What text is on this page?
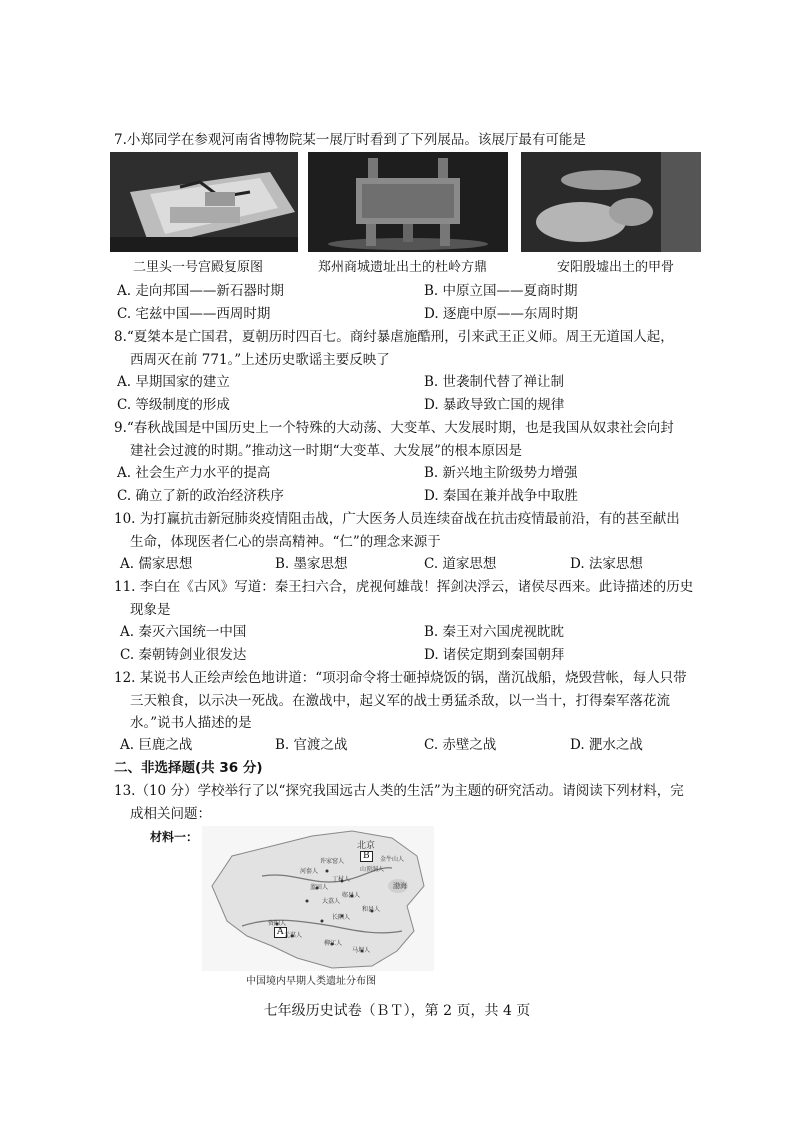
7.小郑同学在参观河南省博物院某一展厅时看到了下列展品。该展厅最有可能是
二里头一号宫殿复原图	郑州商城遗址出土的杜岭方鼎	安阳殷墟出土的甲骨
A. 走向邦国——新石器时期	B. 中原立国——夏商时期
C. 宅兹中国——西周时期	D. 逐鹿中原——东周时期
8.“夏桀本是亡国君，夏朝历时四百七。商纣暴虐施酷刑，引来武王正义师。周王无道国人起，
西周灭在前 771。”上述历史歌谣主要反映了
A. 早期国家的建立	B. 世袭制代替了禅让制
C. 等级制度的形成	D. 暴政导致亡国的规律
9.“春秋战国是中国历史上一个特殊的大动荡、大变革、大发展时期，也是我国从奴隶社会向封
建社会过渡的时期。”推动这一时期“大变革、大发展”的根本原因是
A. 社会生产力水平的提高	B. 新兴地主阶级势力增强
C. 确立了新的政治经济秩序	D. 秦国在兼并战争中取胜
10. 为打赢抗击新冠肺炎疫情阻击战，广大医务人员连续奋战在抗击疫情最前沿，有的甚至献出
生命，体现医者仁心的崇高精神。“仁”的理念来源于
A. 儒家思想	B. 墨家思想	C. 道家思想	D. 法家思想
11. 李白在《古风》写道：秦王扫六合，虎视何雄哉！挥剑决浮云，诸侯尽西来。此诗描述的历史
现象是
A. 秦灭六国统一中国	B. 秦王对六国虎视眈眈
C. 秦朝铸剑业很发达	D. 诸侯定期到秦国朝拜
12. 某说书人正绘声绘色地讲道：“项羽命令将士砸掉烧饭的锅，凿沉战船，烧毁营帐，每人只带
三天粮食，以示决一死战。在激战中，起义军的战士勇猛杀敌，以一当十，打得秦军落花流
水。”说书人描述的是
A. 巨鹿之战	B. 官渡之战	C. 赤壁之战	D. 淝水之战
二、非选择题(共 36 分)
13.（10 分）学校举行了以“探究我国远古人类的生活”为主题的研究活动。请阅读下列材料，完
成相关问题：
材料一：
A
B
北京
渤海
许家窑人
丁村人
蓝田人
郧县人
和县人
元谋人
马坝人
柳江人
资阳人
河套人	山顶洞人
金牛山人
大荔人
长阳人
中国境内早期人类遗址分布图
七年级历史试卷（ＢＴ），第 2 页，共 4 页
